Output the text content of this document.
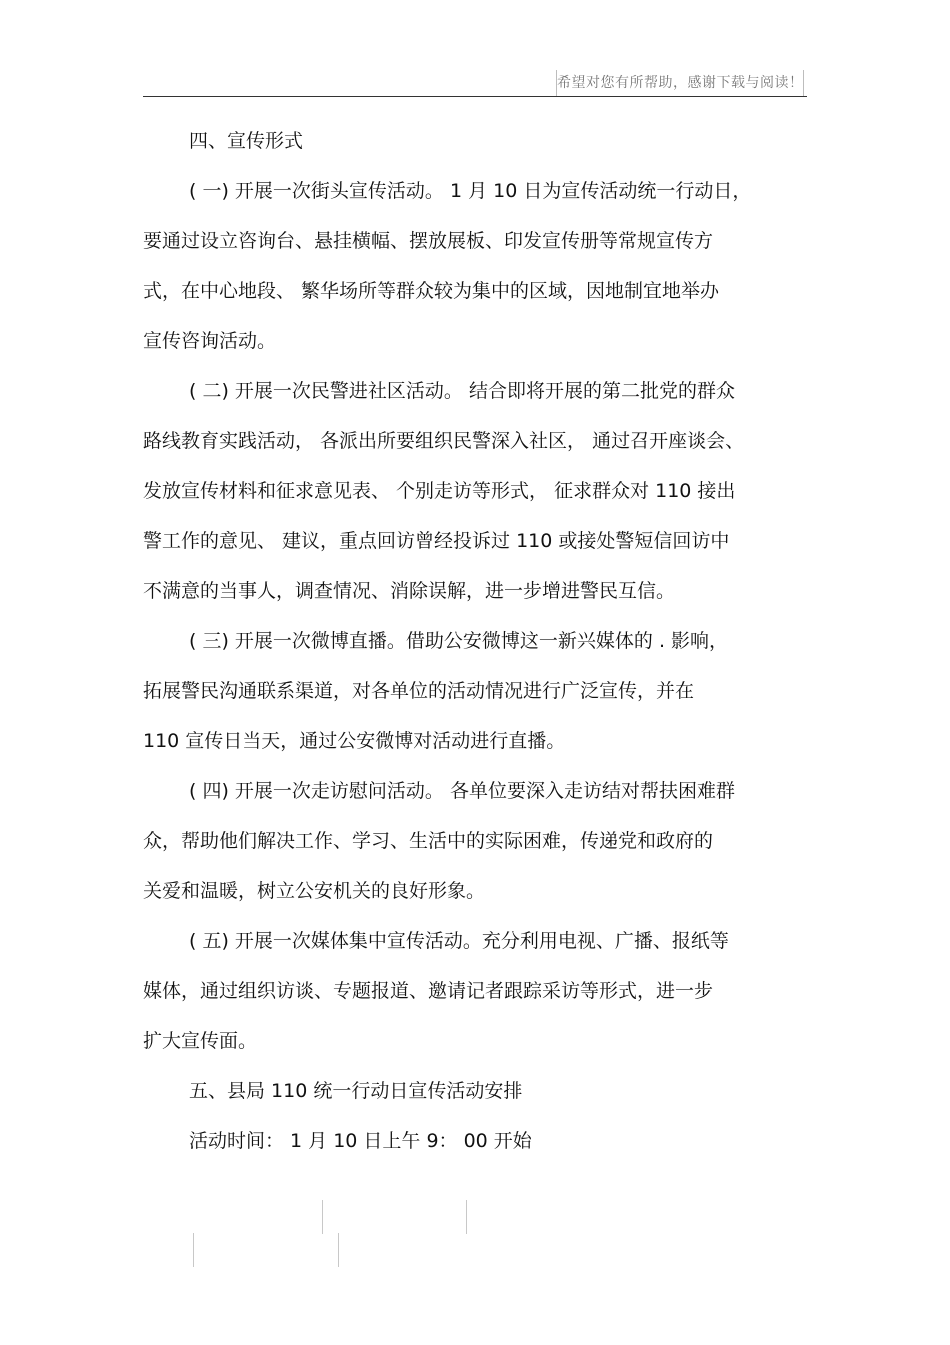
希望对您有所帮助，感谢下载与阅读！
四、宣传形式
( 一) 开展一次街头宣传活动。 1 月 10 日为宣传活动统一行动日，
要通过设立咨询台、悬挂横幅、摆放展板、印发宣传册等常规宣传方
式，在中心地段、 繁华场所等群众较为集中的区域，因地制宜地举办
宣传咨询活动。
( 二) 开展一次民警进社区活动。 结合即将开展的第二批党的群众
路线教育实践活动， 各派出所要组织民警深入社区， 通过召开座谈会、
发放宣传材料和征求意见表、 个别走访等形式， 征求群众对 110 接出
警工作的意见、 建议，重点回访曾经投诉过 110 或接处警短信回访中
不满意的当事人，调查情况、消除误解，进一步增进警民互信。
( 三) 开展一次微博直播。借助公安微博这一新兴媒体的 . 影响，
拓展警民沟通联系渠道，对各单位的活动情况进行广泛宣传，并在
110 宣传日当天，通过公安微博对活动进行直播。
( 四) 开展一次走访慰问活动。 各单位要深入走访结对帮扶困难群
众，帮助他们解决工作、学习、生活中的实际困难，传递党和政府的
关爱和温暖，树立公安机关的良好形象。
( 五) 开展一次媒体集中宣传活动。充分利用电视、广播、报纸等
媒体，通过组织访谈、专题报道、邀请记者跟踪采访等形式，进一步
扩大宣传面。
五、县局 110 统一行动日宣传活动安排
活动时间： 1 月 10 日上午 9： 00 开始
